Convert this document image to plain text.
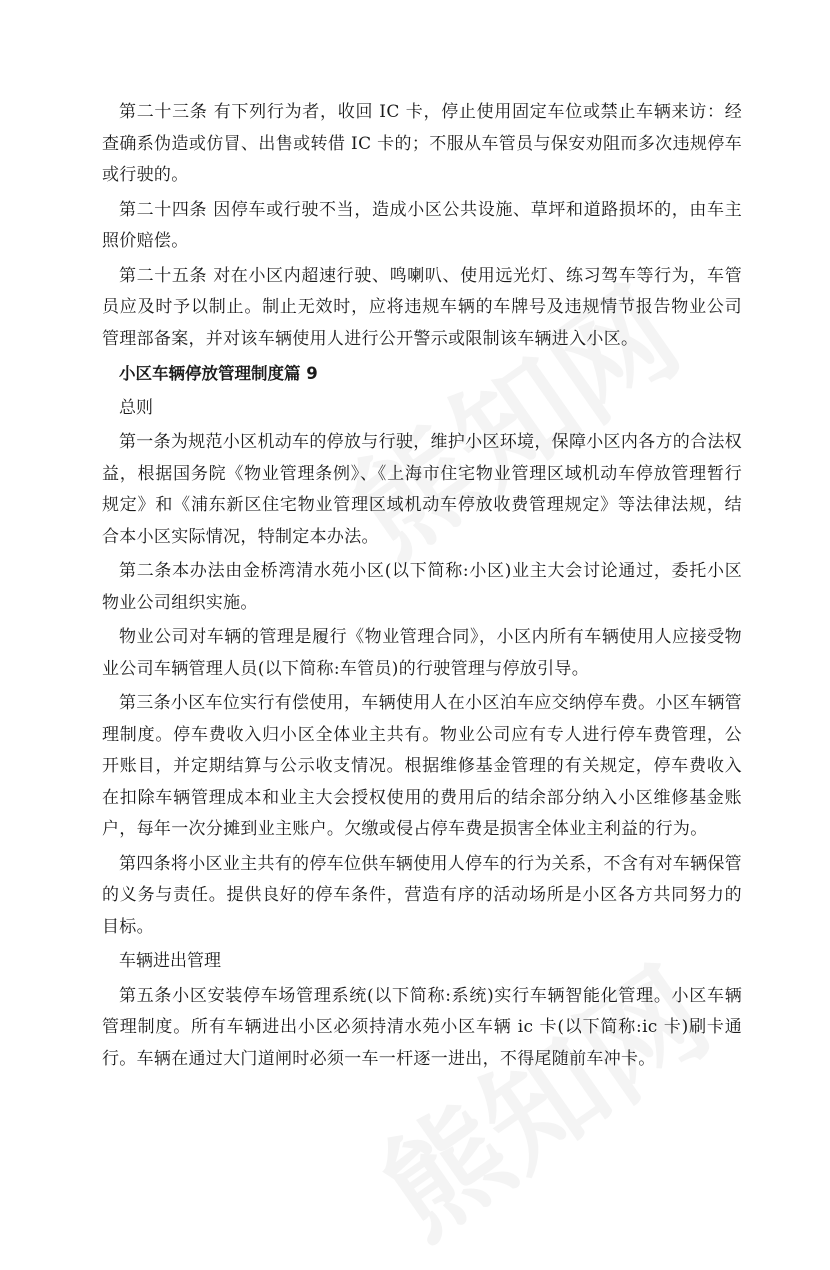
第二十三条 有下列行为者，收回 IC 卡，停止使用固定车位或禁止车辆来访：经查确系伪造或仿冒、出售或转借 IC 卡的；不服从车管员与保安劝阻而多次违规停车或行驶的。

第二十四条 因停车或行驶不当，造成小区公共设施、草坪和道路损坏的，由车主照价赔偿。

第二十五条 对在小区内超速行驶、鸣喇叭、使用远光灯、练习驾车等行为，车管员应及时予以制止。制止无效时，应将违规车辆的车牌号及违规情节报告物业公司管理部备案，并对该车辆使用人进行公开警示或限制该车辆进入小区。

小区车辆停放管理制度篇 9

总则

第一条为规范小区机动车的停放与行驶，维护小区环境，保障小区内各方的合法权益，根据国务院《物业管理条例》、《上海市住宅物业管理区域机动车停放管理暂行规定》和《浦东新区住宅物业管理区域机动车停放收费管理规定》等法律法规，结合本小区实际情况，特制定本办法。

第二条本办法由金桥湾清水苑小区(以下简称:小区)业主大会讨论通过，委托小区物业公司组织实施。

物业公司对车辆的管理是履行《物业管理合同》，小区内所有车辆使用人应接受物业公司车辆管理人员(以下简称:车管员)的行驶管理与停放引导。

第三条小区车位实行有偿使用，车辆使用人在小区泊车应交纳停车费。小区车辆管理制度。停车费收入归小区全体业主共有。物业公司应有专人进行停车费管理，公开账目，并定期结算与公示收支情况。根据维修基金管理的有关规定，停车费收入在扣除车辆管理成本和业主大会授权使用的费用后的结余部分纳入小区维修基金账户，每年一次分摊到业主账户。欠缴或侵占停车费是损害全体业主利益的行为。

第四条将小区业主共有的停车位供车辆使用人停车的行为关系，不含有对车辆保管的义务与责任。提供良好的停车条件，营造有序的活动场所是小区各方共同努力的目标。

车辆进出管理

第五条小区安装停车场管理系统(以下简称:系统)实行车辆智能化管理。小区车辆管理制度。所有车辆进出小区必须持清水苑小区车辆 ic 卡(以下简称:ic 卡)刷卡通行。车辆在通过大门道闸时必须一车一杆逐一进出，不得尾随前车冲卡。
